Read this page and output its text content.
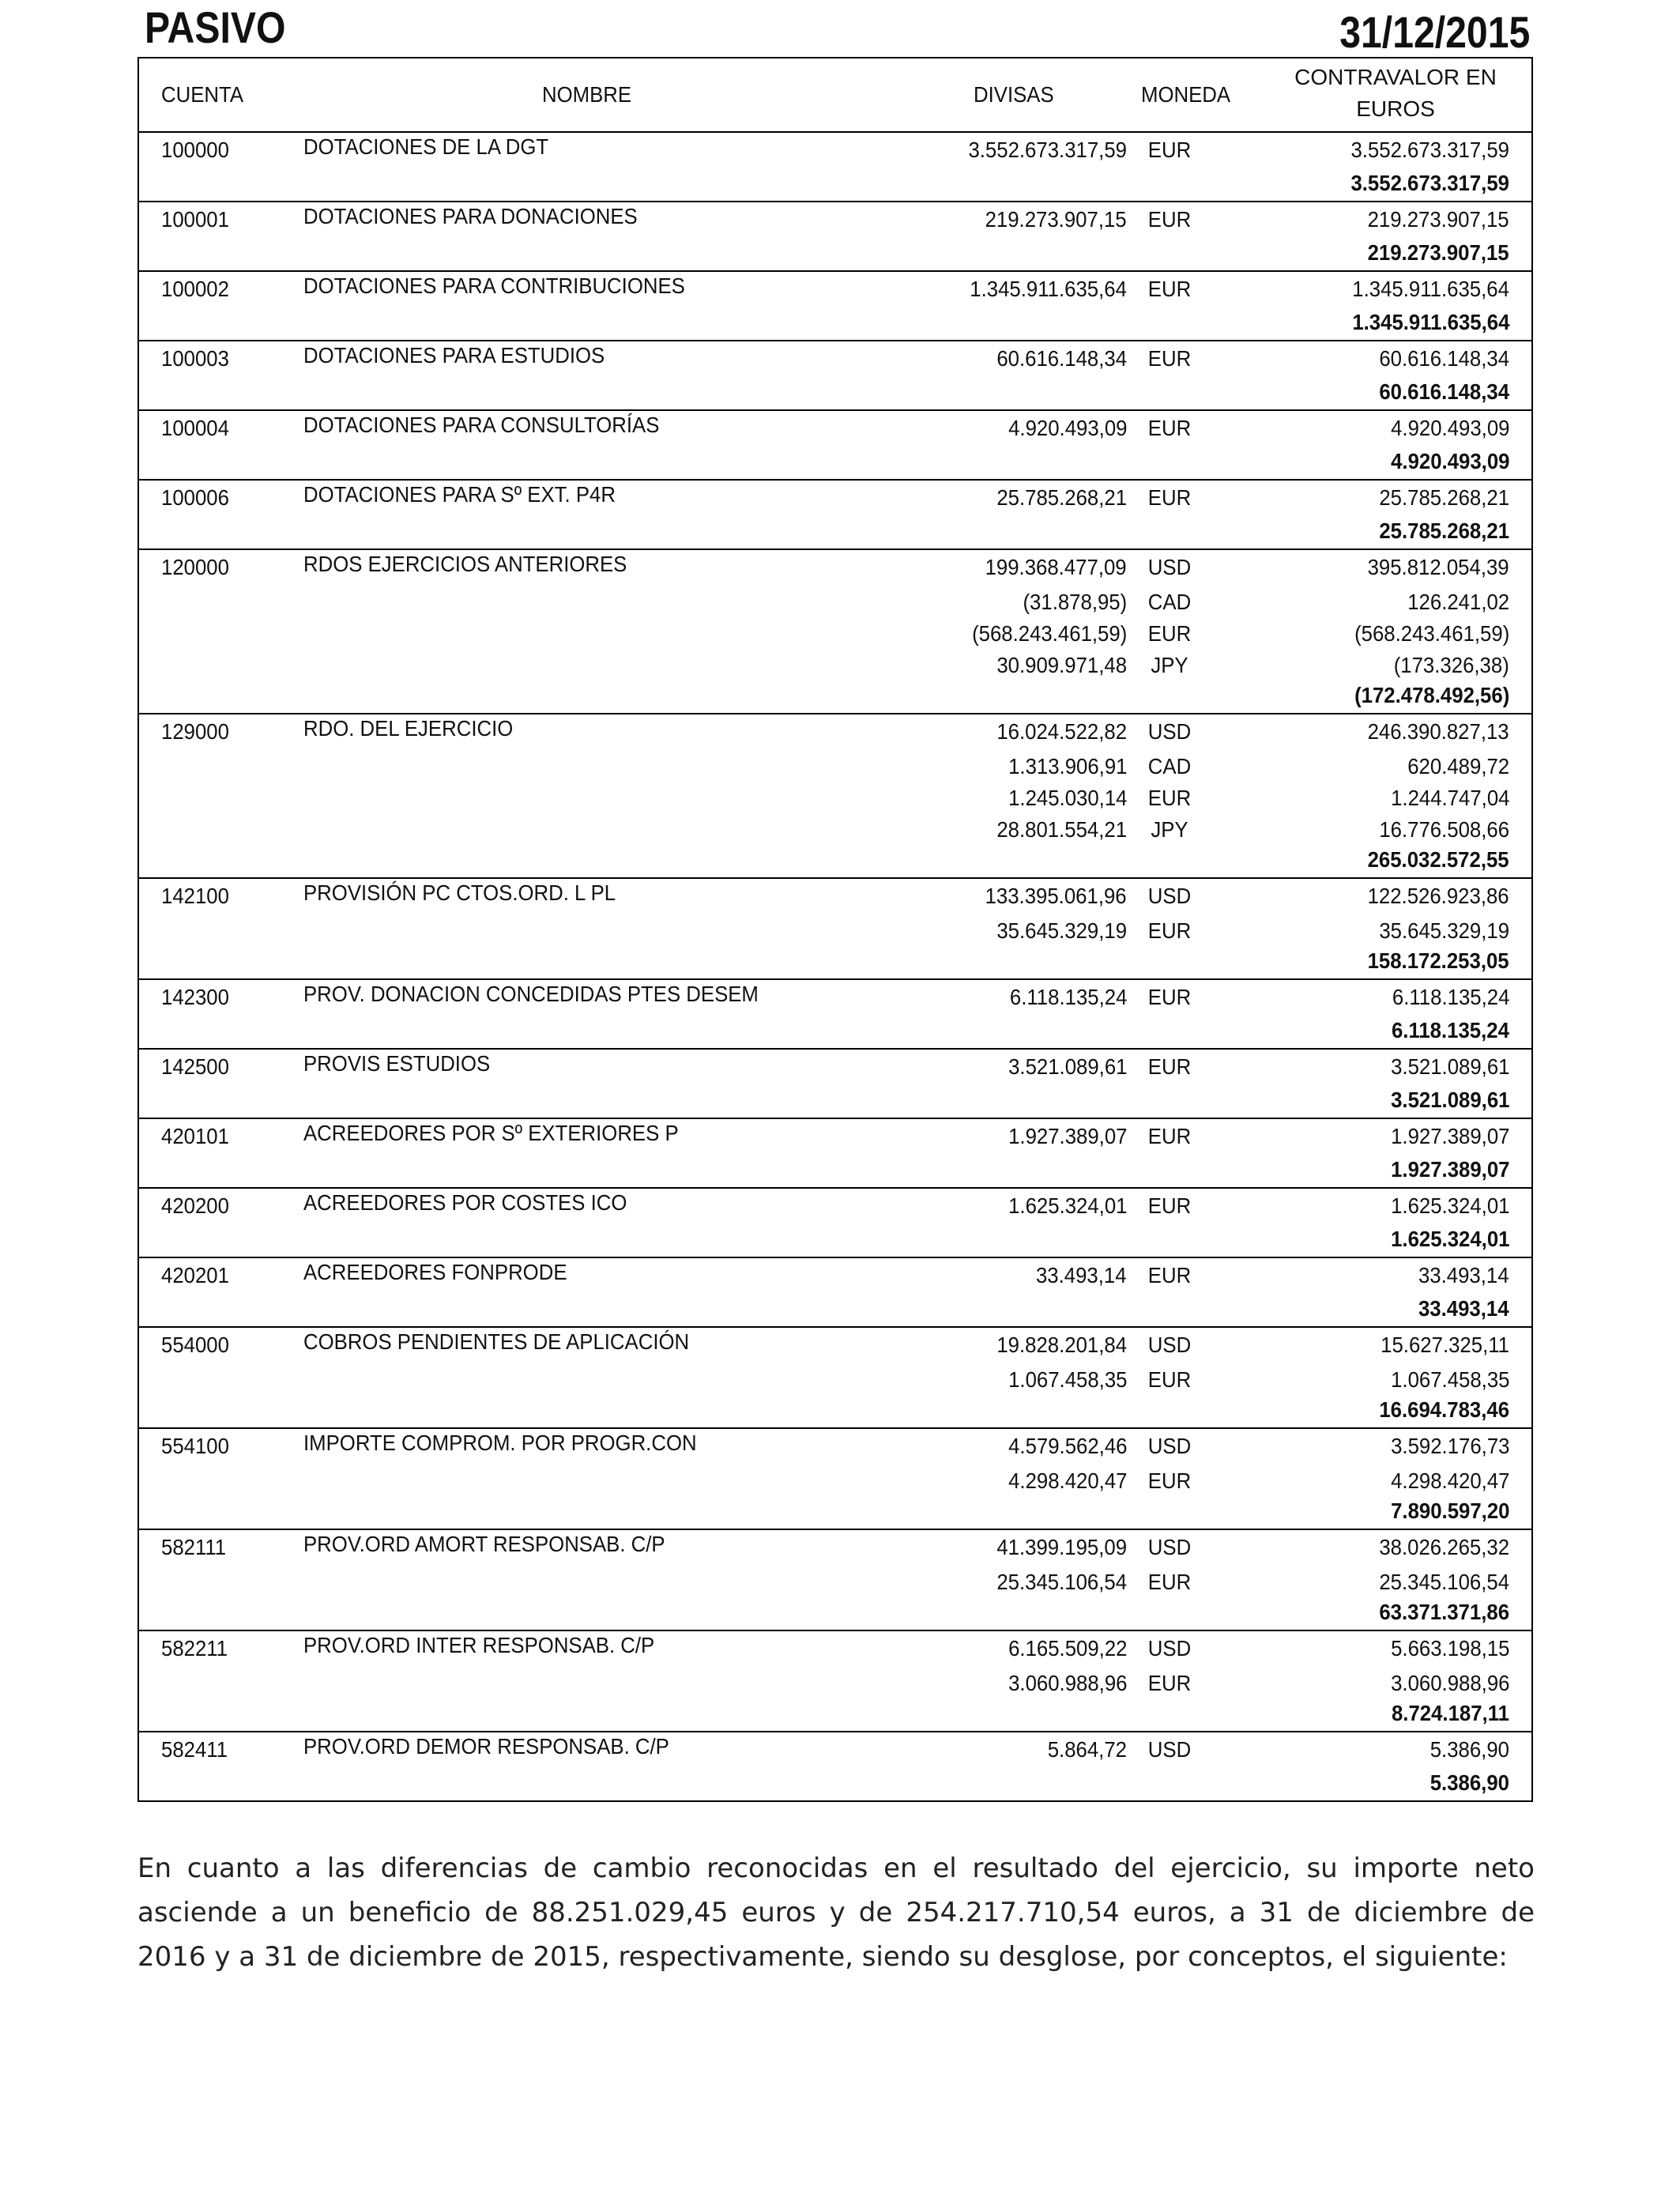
PASIVO	31/12/2015
CUENTA	NOMBRE	DIVISAS	MONEDA
CONTRAVALOR EN EUROS
100000	DOTACIONES DE LA DGT	3.552.673.317,59 EUR	3.552.673.317,59
3.552.673.317,59
100001	DOTACIONES PARA DONACIONES	219.273.907,15 EUR	219.273.907,15
219.273.907,15
100002	DOTACIONES PARA CONTRIBUCIONES	1.345.911.635,64 EUR	1.345.911.635,64
1.345.911.635,64
100003	DOTACIONES PARA ESTUDIOS	60.616.148,34 EUR	60.616.148,34
60.616.148,34
100004	DOTACIONES PARA CONSULTORÍAS	4.920.493,09 EUR	4.920.493,09
4.920.493,09
100006	DOTACIONES PARA Sº EXT. P4R	25.785.268,21 EUR	25.785.268,21
25.785.268,21
120000	RDOS EJERCICIOS ANTERIORES	199.368.477,09 USD	395.812.054,39
(31.878,95) CAD	126.241,02
(568.243.461,59) EUR	(568.243.461,59)
30.909.971,48 JPY	(173.326,38)
(172.478.492,56)
129000	RDO. DEL EJERCICIO	16.024.522,82 USD	246.390.827,13
1.313.906,91 CAD	620.489,72
1.245.030,14 EUR	1.244.747,04
28.801.554,21 JPY	16.776.508,66
265.032.572,55
142100	PROVISIÓN PC CTOS.ORD. L PL	133.395.061,96 USD	122.526.923,86
35.645.329,19 EUR	35.645.329,19
158.172.253,05
142300	PROV. DONACION CONCEDIDAS PTES DESEM	6.118.135,24 EUR	6.118.135,24
6.118.135,24
142500	PROVIS ESTUDIOS	3.521.089,61 EUR	3.521.089,61
3.521.089,61
420101	ACREEDORES POR Sº EXTERIORES P	1.927.389,07 EUR	1.927.389,07
1.927.389,07
420200	ACREEDORES POR COSTES ICO	1.625.324,01 EUR	1.625.324,01
1.625.324,01
420201	ACREEDORES FONPRODE	33.493,14 EUR	33.493,14
33.493,14
554000	COBROS PENDIENTES DE APLICACIÓN	19.828.201,84 USD	15.627.325,11
1.067.458,35 EUR	1.067.458,35
16.694.783,46
554100	IMPORTE COMPROM. POR PROGR.CON	4.579.562,46 USD	3.592.176,73
4.298.420,47 EUR	4.298.420,47
7.890.597,20
582111	PROV.ORD AMORT RESPONSAB. C/P	41.399.195,09 USD	38.026.265,32
25.345.106,54 EUR	25.345.106,54
63.371.371,86
582211	PROV.ORD INTER RESPONSAB. C/P	6.165.509,22 USD	5.663.198,15
3.060.988,96 EUR	3.060.988,96
8.724.187,11
582411	PROV.ORD DEMOR RESPONSAB. C/P	5.864,72 USD	5.386,90
5.386,90
En cuanto a las diferencias de cambio reconocidas en el resultado del ejercicio, su importe neto asciende a un beneficio de 88.251.029,45 euros y de 254.217.710,54 euros, a 31 de diciembre de 2016 y a 31 de diciembre de 2015, respectivamente, siendo su desglose, por conceptos, el siguiente:
